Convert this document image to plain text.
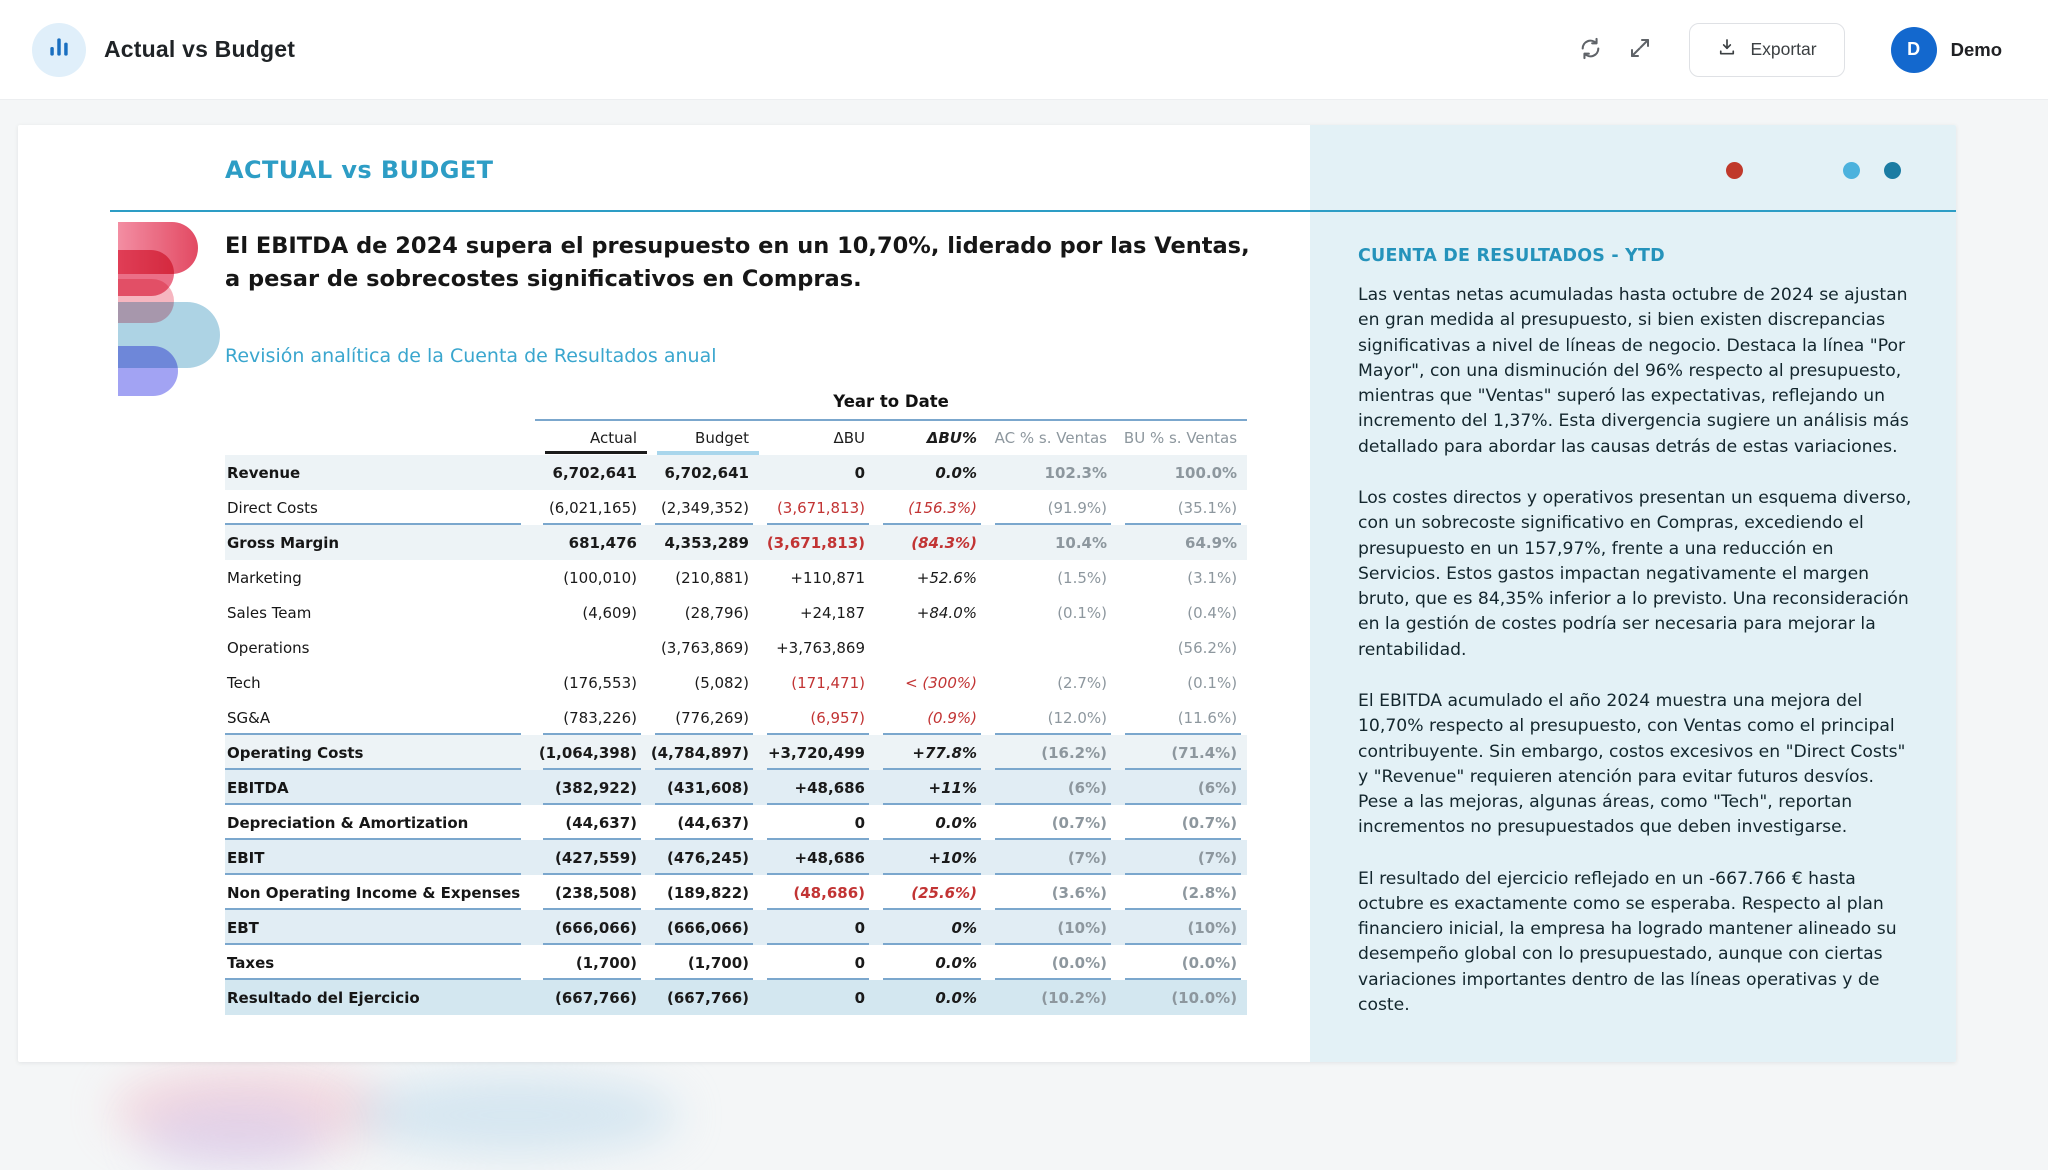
Actual vs Budget	Exportar	D Demo
ACTUAL vs BUDGET

El EBITDA de 2024 supera el presupuesto en un 10,70%, liderado por las Ventas, a pesar de sobrecostes significativos en Compras.

Revisión analítica de la Cuenta de Resultados anual

	Year to Date					
	Actual	Budget	ΔBU	ΔBU%	AC % s. Ventas	BU % s. Ventas
Revenue	6,702,641	6,702,641	0	0.0%	102.3%	100.0%
Direct Costs	(6,021,165)	(2,349,352)	(3,671,813)	(156.3%)	(91.9%)	(35.1%)
Gross Margin	681,476	4,353,289	(3,671,813)	(84.3%)	10.4%	64.9%
Marketing	(100,010)	(210,881)	+110,871	+52.6%	(1.5%)	(3.1%)
Sales Team	(4,609)	(28,796)	+24,187	+84.0%	(0.1%)	(0.4%)
Operations		(3,763,869)	+3,763,869			(56.2%)
Tech	(176,553)	(5,082)	(171,471)	< (300%)	(2.7%)	(0.1%)
SG&A	(783,226)	(776,269)	(6,957)	(0.9%)	(12.0%)	(11.6%)
Operating Costs	(1,064,398)	(4,784,897)	+3,720,499	+77.8%	(16.2%)	(71.4%)
EBITDA	(382,922)	(431,608)	+48,686	+11%	(6%)	(6%)
Depreciation & Amortization	(44,637)	(44,637)	0	0.0%	(0.7%)	(0.7%)
EBIT	(427,559)	(476,245)	+48,686	+10%	(7%)	(7%)
Non Operating Income & Expenses	(238,508)	(189,822)	(48,686)	(25.6%)	(3.6%)	(2.8%)
EBT	(666,066)	(666,066)	0	0%	(10%)	(10%)
Taxes	(1,700)	(1,700)	0	0.0%	(0.0%)	(0.0%)
Resultado del Ejercicio	(667,766)	(667,766)	0	0.0%	(10.2%)	(10.0%)
CUENTA DE RESULTADOS - YTD

Las ventas netas acumuladas hasta octubre de 2024 se ajustan en gran medida al presupuesto, si bien existen discrepancias significativas a nivel de líneas de negocio. Destaca la línea "Por Mayor", con una disminución del 96% respecto al presupuesto, mientras que "Ventas" superó las expectativas, reflejando un incremento del 1,37%. Esta divergencia sugiere un análisis más detallado para abordar las causas detrás de estas variaciones.

Los costes directos y operativos presentan un esquema diverso, con un sobrecoste significativo en Compras, excediendo el presupuesto en un 157,97%, frente a una reducción en Servicios. Estos gastos impactan negativamente el margen bruto, que es 84,35% inferior a lo previsto. Una reconsideración en la gestión de costes podría ser necesaria para mejorar la rentabilidad.

El EBITDA acumulado el año 2024 muestra una mejora del 10,70% respecto al presupuesto, con Ventas como el principal contribuyente. Sin embargo, costos excesivos en "Direct Costs" y "Revenue" requieren atención para evitar futuros desvíos. Pese a las mejoras, algunas áreas, como "Tech", reportan incrementos no presupuestados que deben investigarse.

El resultado del ejercicio reflejado en un -667.766 € hasta octubre es exactamente como se esperaba. Respecto al plan financiero inicial, la empresa ha logrado mantener alineado su desempeño global con lo presupuestado, aunque con ciertas variaciones importantes dentro de las líneas operativas y de coste.
